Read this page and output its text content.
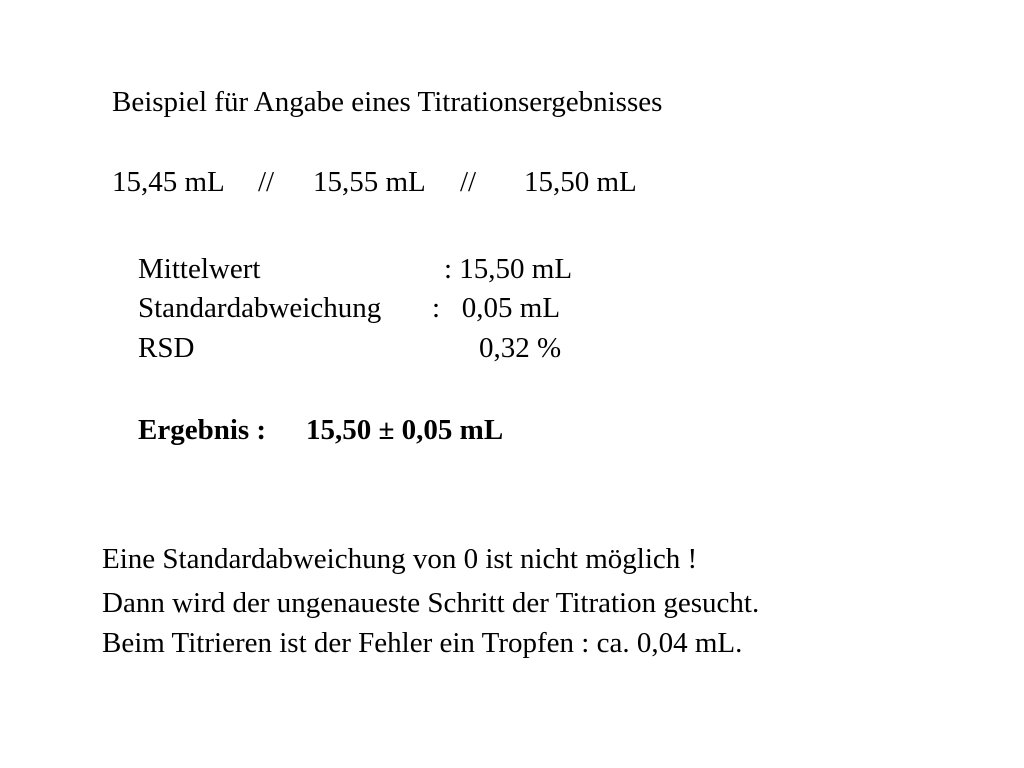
Beispiel für Angabe eines Titrationsergebnisses
15,45 mL // 15,55 mL // 15,50 mL
Mittelwert	: 15,50 mL
Standardabweichung :   0,05 mL
RSD	0,32 %
Ergebnis : 15,50 ± 0,05 mL
Eine Standardabweichung von 0 ist nicht möglich !
Dann wird der ungenaueste Schritt der Titration gesucht.
Beim Titrieren ist der Fehler ein Tropfen : ca. 0,04 mL.
